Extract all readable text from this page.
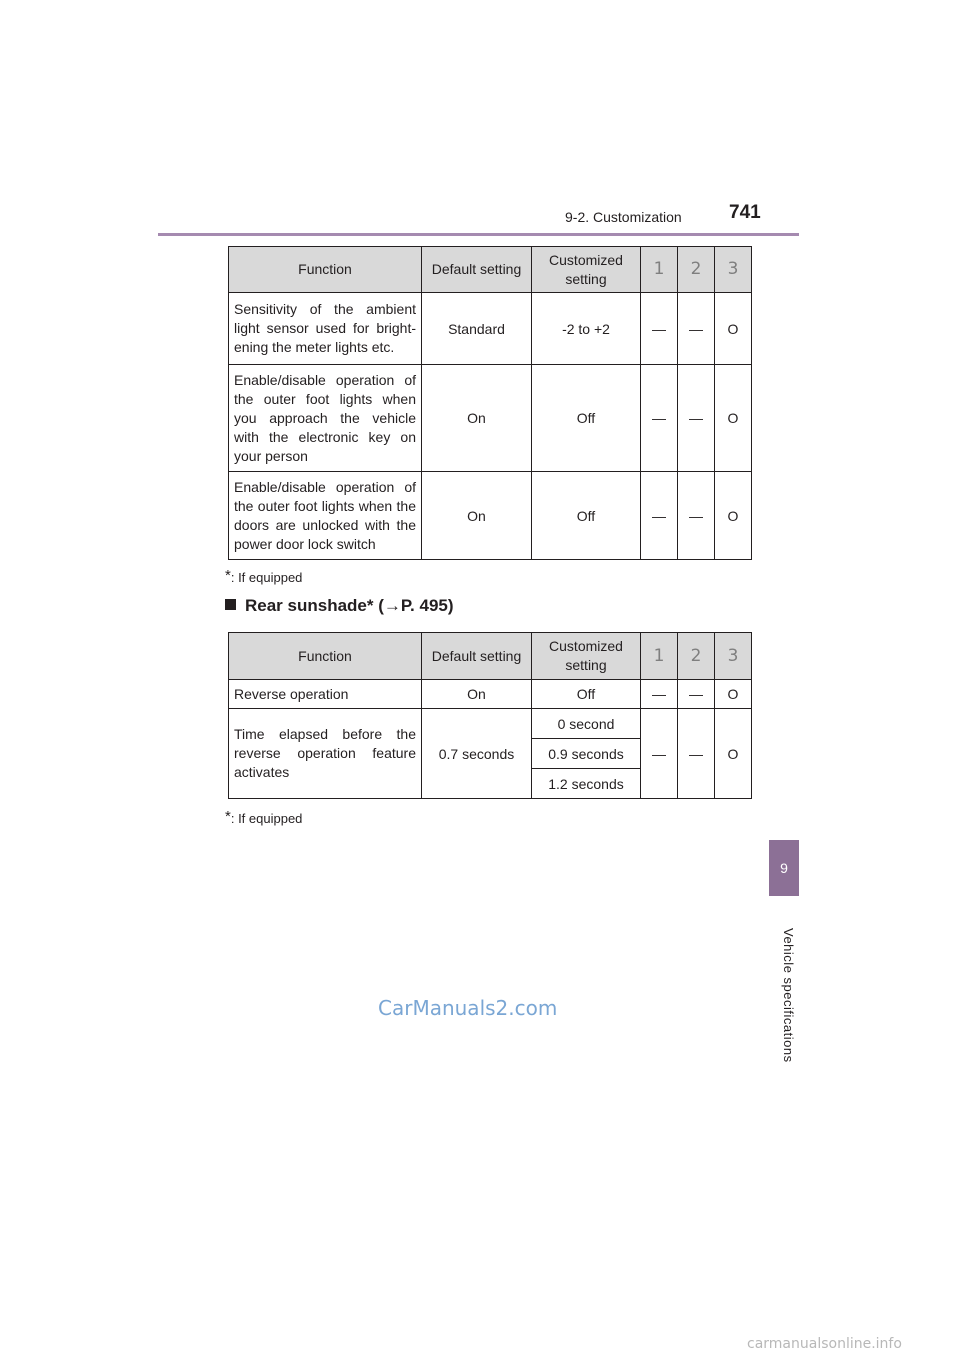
9-2. Customization 741
9
Vehicle specifications
Function	Default setting	Customized setting	1	2	3
Sensitivity of the ambient light sensor used for bright-ening the meter lights etc.	Standard	-2 to +2	—	—	O
Enable/disable operation of the outer foot lights when you approach the vehicle with the electronic key on your person	On	Off	—	—	O
Enable/disable operation of the outer foot lights when the doors are unlocked with the power door lock switch	On	Off	—	—	O
*: If equipped
Rear sunshade* (→P. 495)
Function	Default setting	Customized setting	1	2	3
Reverse operation	On	Off	—	—	O
Time elapsed before the reverse operation feature activates	0.7 seconds	0 second	—	—	O
		0.9 seconds			
		1.2 seconds			
*: If equipped
CarManuals2.com
carmanualsonline.info
